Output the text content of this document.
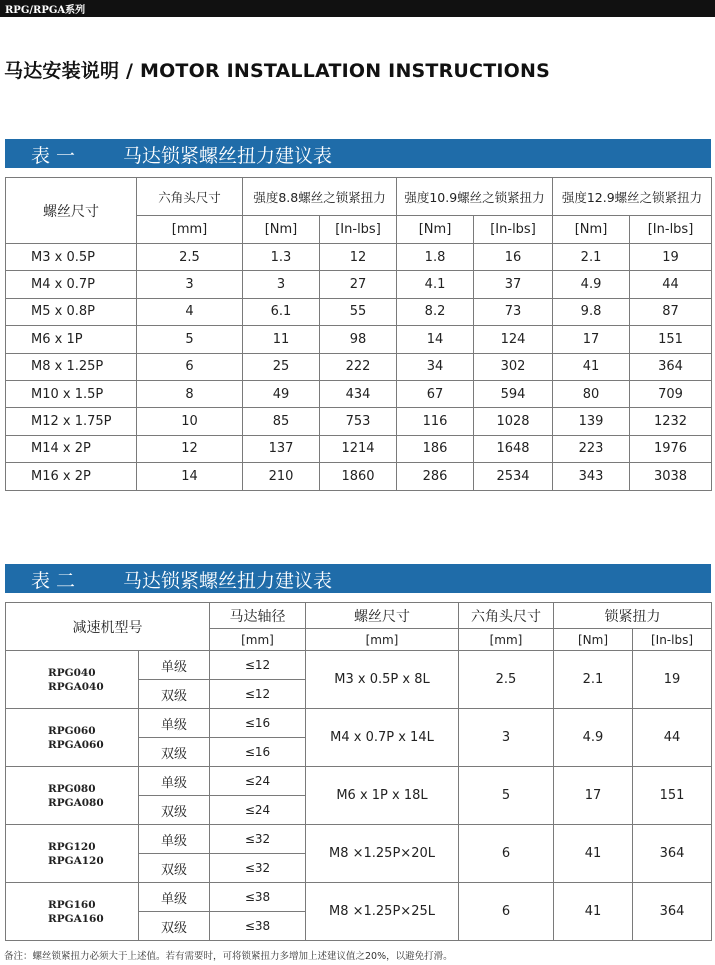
RPG/RPGA系列
马达安装说明 / MOTOR INSTALLATION INSTRUCTIONS
表 一	马达锁紧螺丝扭力建议表
螺丝尺寸	六角头尺寸	强度8.8螺丝之锁紧扭力		强度10.9螺丝之锁紧扭力		强度12.9螺丝之锁紧扭力	
	[mm]	[Nm]	[In-lbs]	[Nm]	[In-lbs]	[Nm]	[In-lbs]
M3 x 0.5P	2.5	1.3	12	1.8	16	2.1	19
M4 x 0.7P	3	3	27	4.1	37	4.9	44
M5 x 0.8P	4	6.1	55	8.2	73	9.8	87
M6 x 1P	5	11	98	14	124	17	151
M8 x 1.25P	6	25	222	34	302	41	364
M10 x 1.5P	8	49	434	67	594	80	709
M12 x 1.75P	10	85	753	116	1028	139	1232
M14 x 2P	12	137	1214	186	1648	223	1976
M16 x 2P	14	210	1860	286	2534	343	3038
表 二	马达锁紧螺丝扭力建议表
减速机型号		马达轴径	螺丝尺寸	六角头尺寸	锁紧扭力	
		[mm]	[mm]	[mm]	[Nm]	[In-lbs]

RPG040
RPGA040	单级	≤12	M3 x 0.5P x 8L	2.5	2.1	19
	双级	≤12				

RPG060
RPGA060	单级	≤16	M4 x 0.7P x 14L	3	4.9	44
	双级	≤16				

RPG080
RPGA080	单级	≤24	M6 x 1P x 18L	5	17	151
	双级	≤24				

RPG120
RPGA120	单级	≤32	M8 ×1.25P×20L	6	41	364
	双级	≤32				

RPG160
RPGA160	单级	≤38	M8 ×1.25P×25L	6	41	364
	双级	≤38				
备注：螺丝锁紧扭力必须大于上述值。若有需要时，可将锁紧扭力多增加上述建议值之20%，以避免打滑。
